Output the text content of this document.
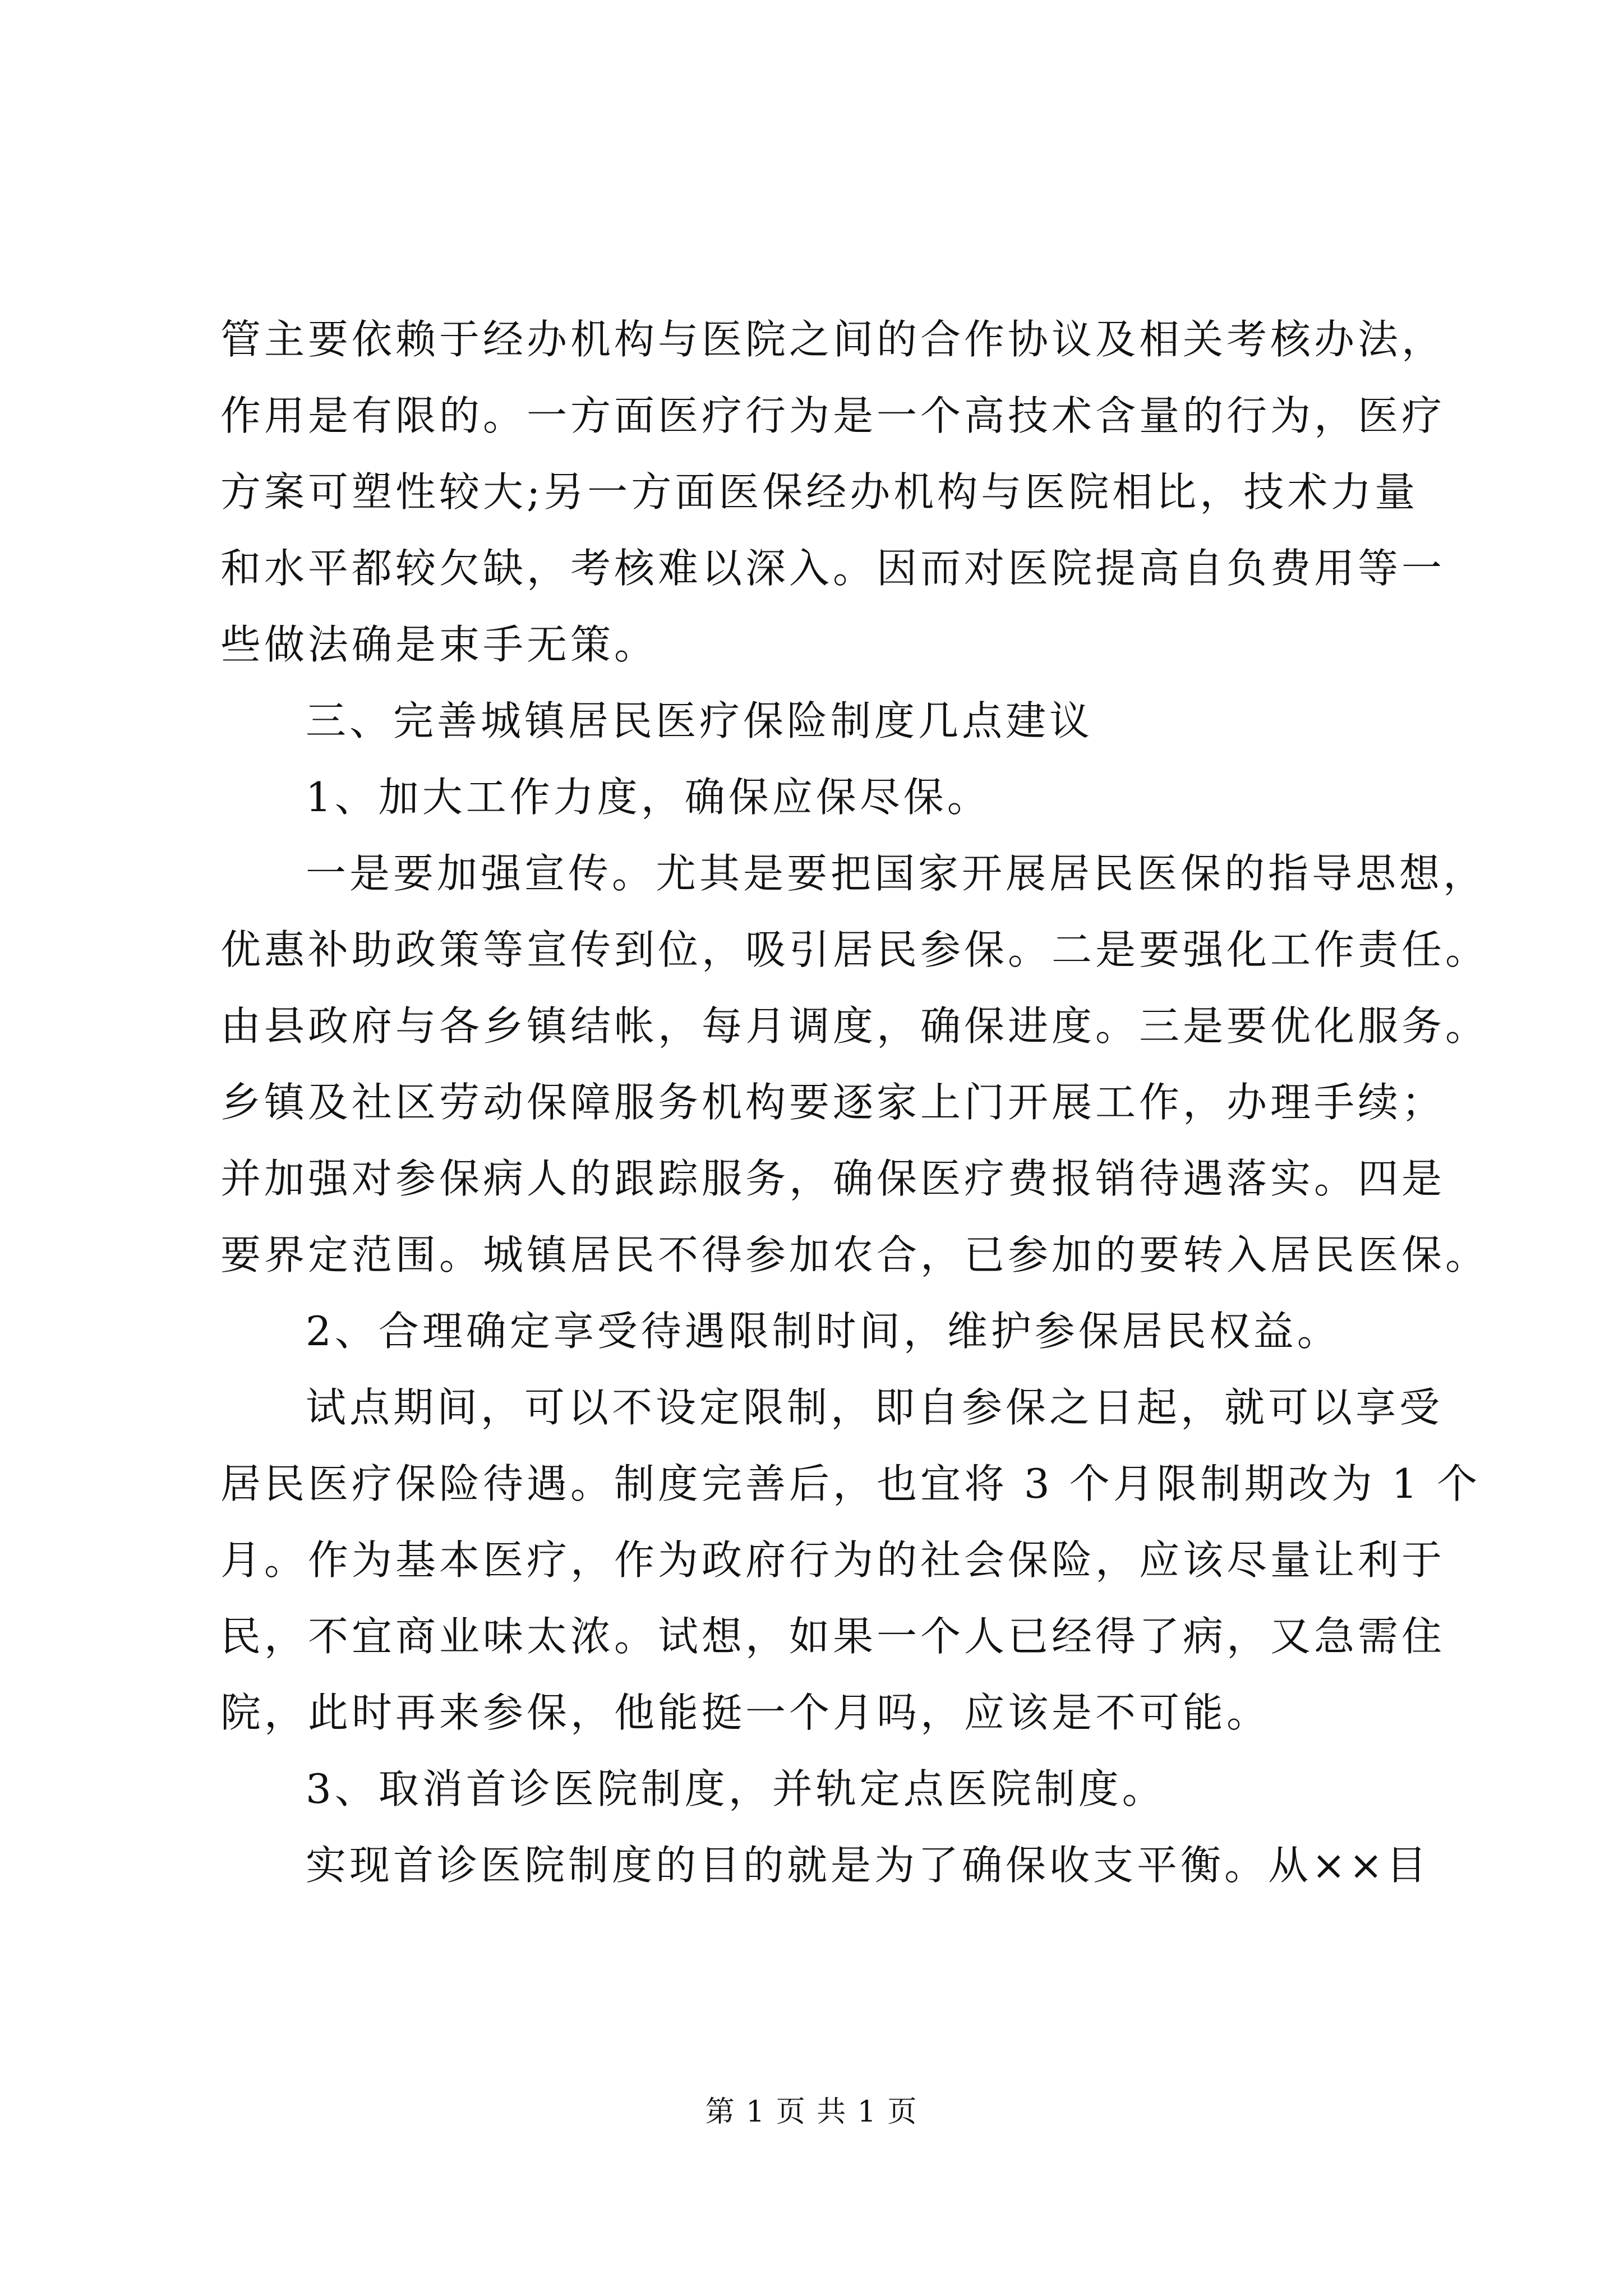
管主要依赖于经办机构与医院之间的合作协议及相关考核办法，
作用是有限的。一方面医疗行为是一个高技术含量的行为，医疗
方案可塑性较大;另一方面医保经办机构与医院相比，技术力量
和水平都较欠缺，考核难以深入。因而对医院提高自负费用等一
些做法确是束手无策。
三、完善城镇居民医疗保险制度几点建议
1、加大工作力度，确保应保尽保。
一是要加强宣传。尤其是要把国家开展居民医保的指导思想，
优惠补助政策等宣传到位，吸引居民参保。二是要强化工作责任。
由县政府与各乡镇结帐，每月调度，确保进度。三是要优化服务。
乡镇及社区劳动保障服务机构要逐家上门开展工作，办理手续；
并加强对参保病人的跟踪服务，确保医疗费报销待遇落实。四是
要界定范围。城镇居民不得参加农合，已参加的要转入居民医保。
2、合理确定享受待遇限制时间，维护参保居民权益。
试点期间，可以不设定限制，即自参保之日起，就可以享受
居民医疗保险待遇。制度完善后，也宜将 3 个月限制期改为 1 个
月。作为基本医疗，作为政府行为的社会保险，应该尽量让利于
民，不宜商业味太浓。试想，如果一个人已经得了病，又急需住
院，此时再来参保，他能挺一个月吗，应该是不可能。
3、取消首诊医院制度，并轨定点医院制度。
实现首诊医院制度的目的就是为了确保收支平衡。从××目
第 1 页 共 1 页
